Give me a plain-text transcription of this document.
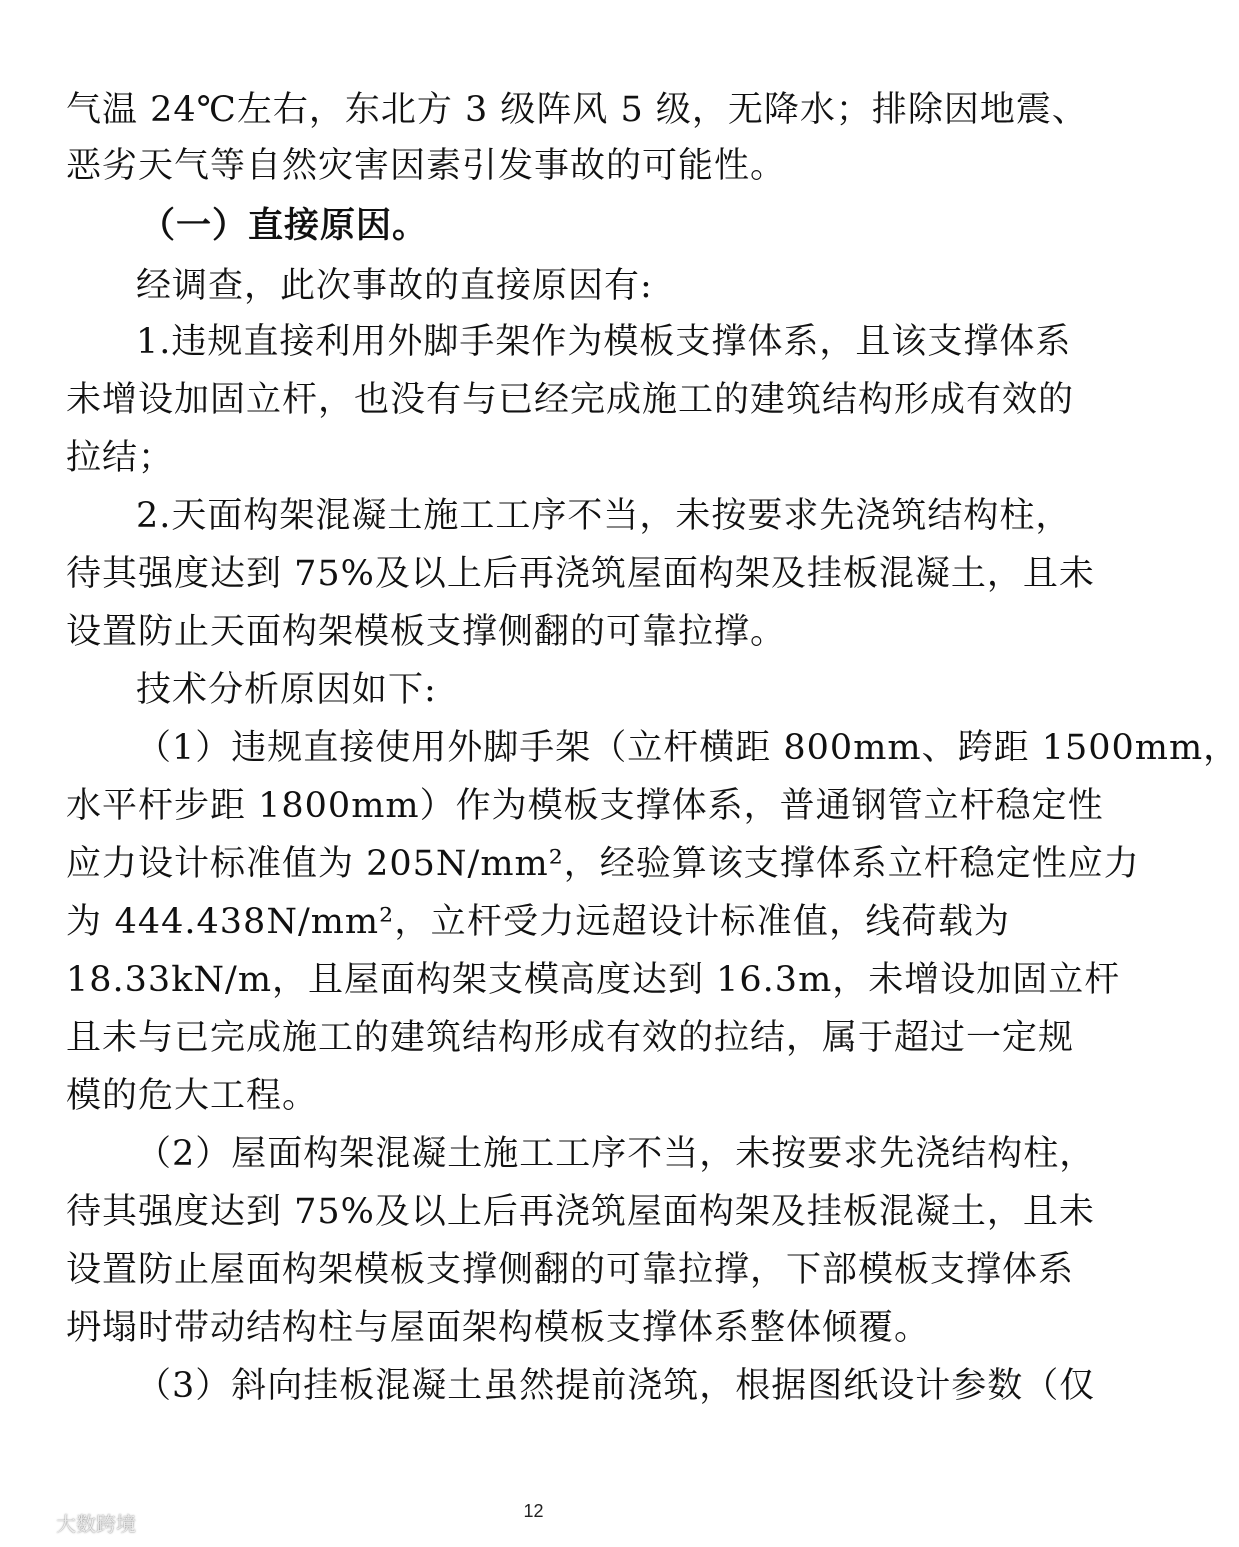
气温 24℃左右，东北方 3 级阵风 5 级，无降水；排除因地震、
恶劣天气等自然灾害因素引发事故的可能性。
（一）直接原因。
经调查，此次事故的直接原因有:
1.违规直接利用外脚手架作为模板支撑体系，且该支撑体系
未增设加固立杆，也没有与已经完成施工的建筑结构形成有效的
拉结；
2.天面构架混凝土施工工序不当，未按要求先浇筑结构柱，
待其强度达到 75%及以上后再浇筑屋面构架及挂板混凝土，且未
设置防止天面构架模板支撑侧翻的可靠拉撑。
技术分析原因如下:
（1）违规直接使用外脚手架（立杆横距 800mm、跨距 1500mm，
水平杆步距 1800mm）作为模板支撑体系，普通钢管立杆稳定性
应力设计标准值为 205N/mm²，经验算该支撑体系立杆稳定性应力
为 444.438N/mm²，立杆受力远超设计标准值，线荷载为
18.33kN/m，且屋面构架支模高度达到 16.3m，未增设加固立杆
且未与已完成施工的建筑结构形成有效的拉结，属于超过一定规
模的危大工程。
（2）屋面构架混凝土施工工序不当，未按要求先浇结构柱，
待其强度达到 75%及以上后再浇筑屋面构架及挂板混凝土，且未
设置防止屋面构架模板支撑侧翻的可靠拉撑，下部模板支撑体系
坍塌时带动结构柱与屋面架构模板支撑体系整体倾覆。
（3）斜向挂板混凝土虽然提前浇筑，根据图纸设计参数（仅
12
大数跨境
